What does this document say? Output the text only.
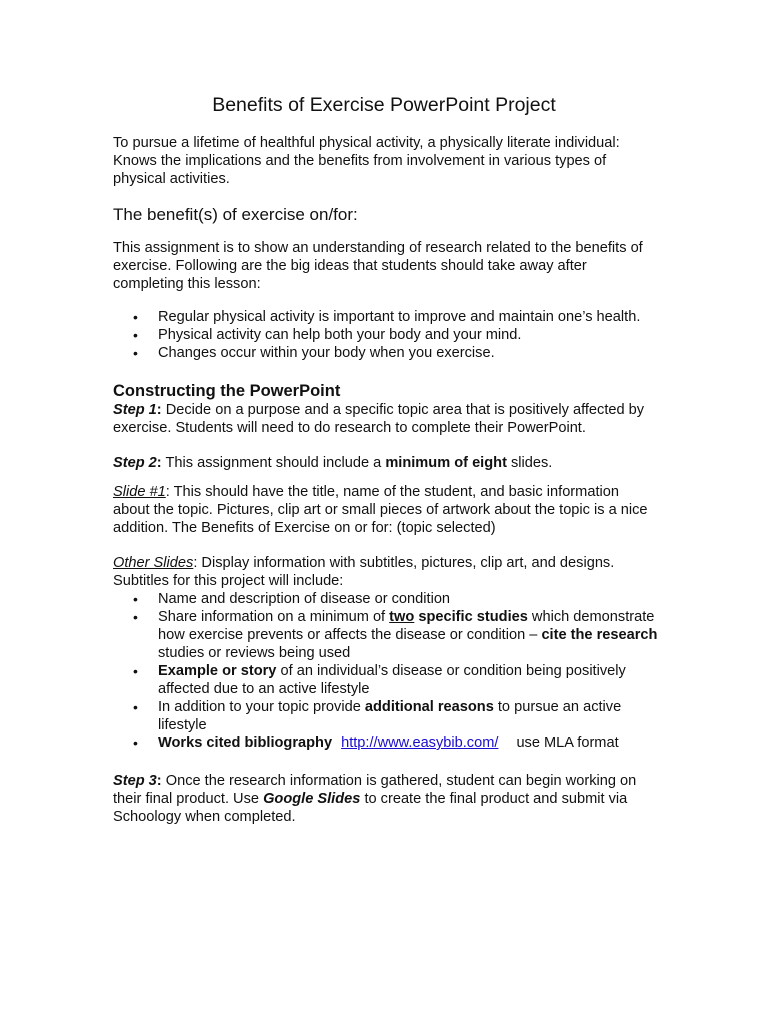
Benefits of Exercise PowerPoint Project

To pursue a lifetime of healthful physical activity, a physically literate individual: Knows the implications and the benefits from involvement in various types of physical activities.

The benefit(s) of exercise on/for:

This assignment is to show an understanding of research related to the benefits of exercise. Following are the big ideas that students should take away after completing this lesson:

• Regular physical activity is important to improve and maintain one’s health.
• Physical activity can help both your body and your mind.
• Changes occur within your body when you exercise.
Constructing the PowerPoint

Step 1: Decide on a purpose and a specific topic area that is positively affected by exercise. Students will need to do research to complete their PowerPoint.

Step 2: This assignment should include a minimum of eight slides.

Slide #1: This should have the title, name of the student, and basic information about the topic. Pictures, clip art or small pieces of artwork about the topic is a nice addition. The Benefits of Exercise on or for: (topic selected)

Other Slides: Display information with subtitles, pictures, clip art, and designs. Subtitles for this project will include:

• Name and description of disease or condition
• Share information on a minimum of two specific studies which demonstrate how exercise prevents or affects the disease or condition – cite the research studies or reviews being used
• Example or story of an individual’s disease or condition being positively affected due to an active lifestyle
• In addition to your topic provide additional reasons to pursue an active lifestyle
• Works cited bibliography http://www.easybib.com/ use MLA format

Step 3: Once the research information is gathered, student can begin working on their final product. Use Google Slides to create the final product and submit via Schoology when completed.
